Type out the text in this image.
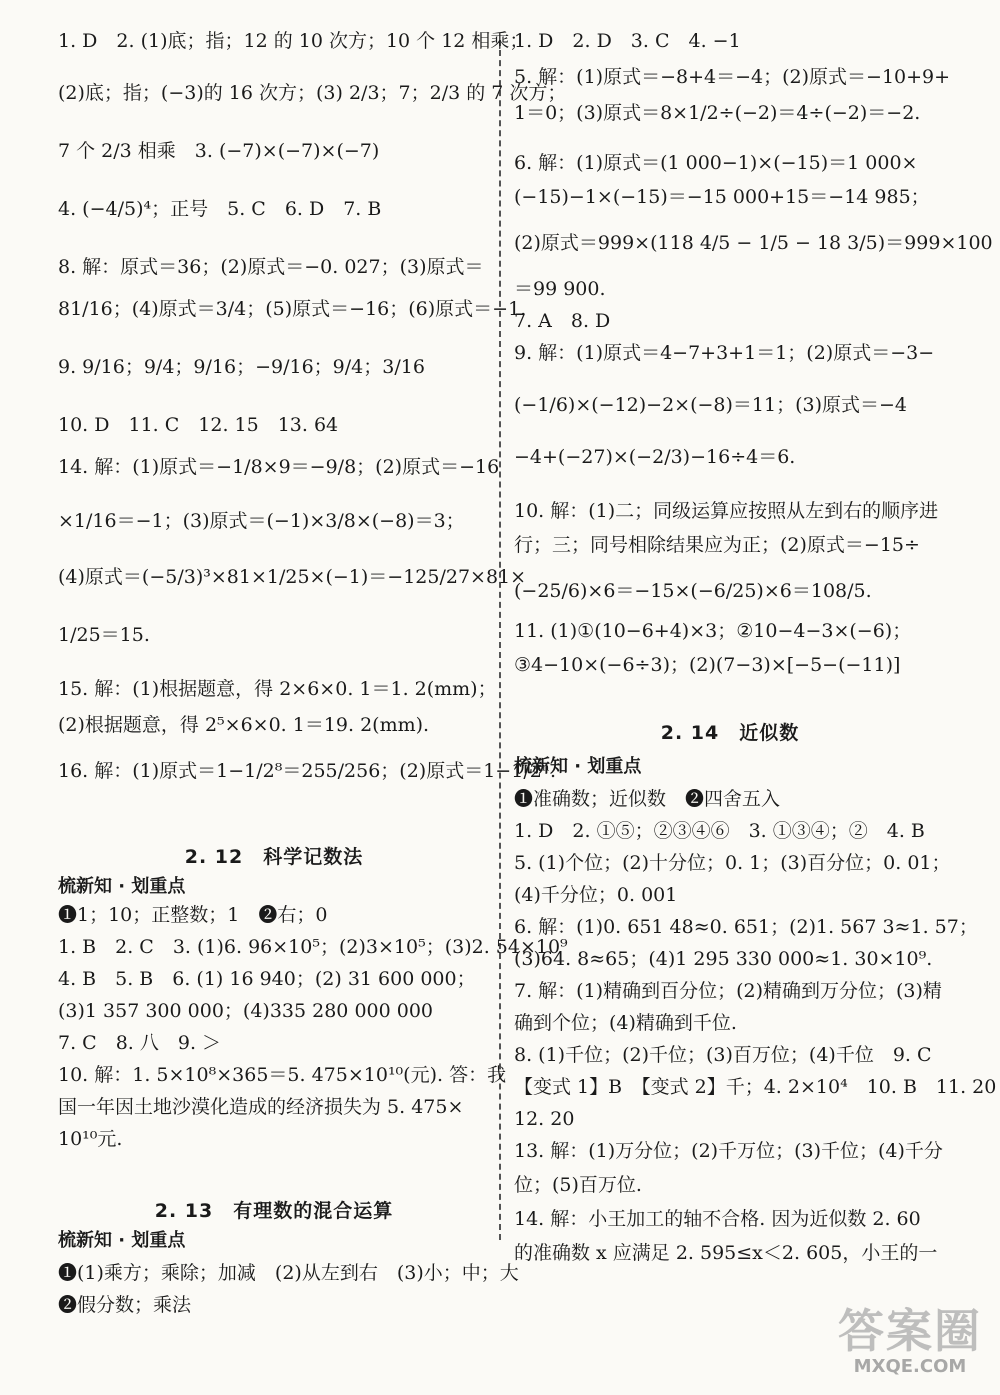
1. D　2. (1)底；指；12 的 10 次方；10 个 12 相乘；
(2)底；指；(−3)的 16 次方；(3) 2/3；7；2/3 的 7 次方；
7 个 2/3 相乘　3. (−7)×(−7)×(−7)
4. (−4/5)⁴；正号　5. C　6. D　7. B
8. 解：原式＝36；(2)原式＝−0. 027；(3)原式＝
81/16；(4)原式＝3/4；(5)原式＝−16；(6)原式＝−1.
9. 9/16；9/4；9/16；−9/16；9/4；3/16
10. D　11. C　12. 15　13. 64
14. 解：(1)原式＝−1/8×9＝−9/8；(2)原式＝−16
×1/16＝−1；(3)原式＝(−1)×3/8×(−8)＝3；
(4)原式＝(−5/3)³×81×1/25×(−1)＝−125/27×81×
1/25＝15.
15. 解：(1)根据题意，得 2×6×0. 1＝1. 2(mm)；
(2)根据题意，得 2⁵×6×0. 1＝19. 2(mm).
16. 解：(1)原式＝1−1/2⁸＝255/256；(2)原式＝1−1/2ⁿ.
2. 12　科学记数法
梳新知 · 划重点
❶1；10；正整数；1　❷右；0
1. B　2. C　3. (1)6. 96×10⁵；(2)3×10⁵；(3)2. 54×10⁹
4. B　5. B　6. (1) 16 940；(2) 31 600 000；
(3)1 357 300 000；(4)335 280 000 000
7. C　8. 八　9. ＞
10. 解：1. 5×10⁸×365＝5. 475×10¹⁰(元). 答：我
国一年因土地沙漠化造成的经济损失为 5. 475×
10¹⁰元.
2. 13　有理数的混合运算
梳新知 · 划重点
❶(1)乘方；乘除；加减　(2)从左到右　(3)小；中；大
❷假分数；乘法
1. D　2. D　3. C　4. −1
5. 解：(1)原式＝−8+4＝−4；(2)原式＝−10+9+
1＝0；(3)原式＝8×1/2÷(−2)＝4÷(−2)＝−2.
6. 解：(1)原式＝(1 000−1)×(−15)＝1 000×
(−15)−1×(−15)＝−15 000+15＝−14 985；
(2)原式＝999×(118 4/5 − 1/5 − 18 3/5)＝999×100
＝99 900.
7. A　8. D
9. 解：(1)原式＝4−7+3+1＝1；(2)原式＝−3−
(−1/6)×(−12)−2×(−8)＝11；(3)原式＝−4
−4+(−27)×(−2/3)−16÷4＝6.
10. 解：(1)二；同级运算应按照从左到右的顺序进
行；三；同号相除结果应为正；(2)原式＝−15÷
(−25/6)×6＝−15×(−6/25)×6＝108/5.
11. (1)①(10−6+4)×3；②10−4−3×(−6)；
③4−10×(−6÷3)；(2)(7−3)×[−5−(−11)]
2. 14　近似数
梳新知 · 划重点
❶准确数；近似数　❷四舍五入
1. D　2. ①⑤；②③④⑥　3. ①③④；②　4. B
5. (1)个位；(2)十分位；0. 1；(3)百分位；0. 01；
(4)千分位；0. 001
6. 解：(1)0. 651 48≈0. 651；(2)1. 567 3≈1. 57；
(3)64. 8≈65；(4)1 295 330 000≈1. 30×10⁹.
7. 解：(1)精确到百分位；(2)精确到万分位；(3)精
确到个位；(4)精确到千位.
8. (1)千位；(2)千位；(3)百万位；(4)千位　9. C
【变式 1】B　【变式 2】千；4. 2×10⁴　10. B　11. 20
12. 20
13. 解：(1)万分位；(2)千万位；(3)千位；(4)千分
位；(5)百万位.
14. 解：小王加工的轴不合格. 因为近似数 2. 60
的准确数 x 应满足 2. 595≤x＜2. 605，小王的一
答案圈
MXQE.COM
